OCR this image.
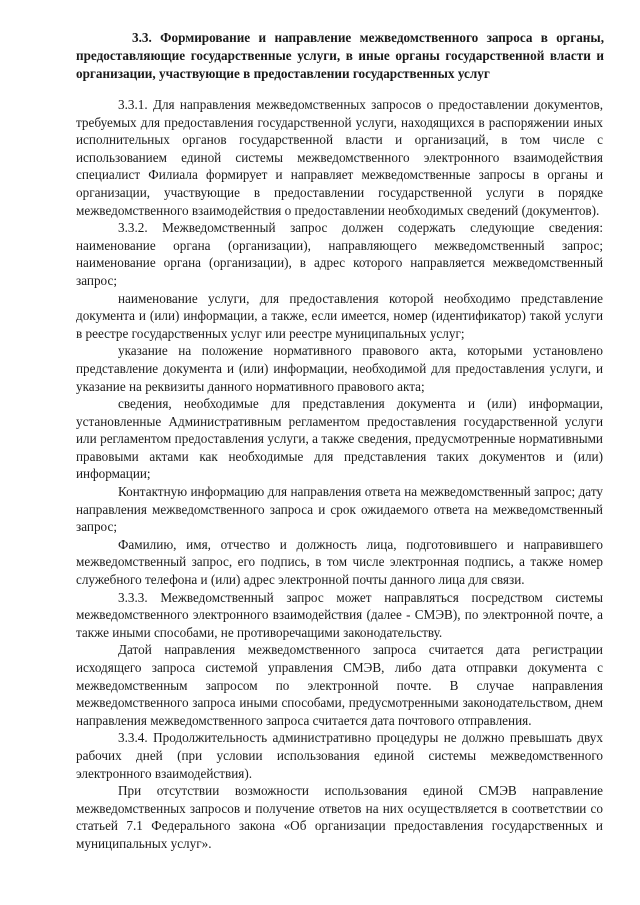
3.3. Формирование и направление межведомственного запроса в органы, предоставляющие государственные услуги, в иные органы государственной власти и организации, участвующие в предоставлении государственных услуг

3.3.1. Для направления межведомственных запросов о предоставлении документов, требуемых для предоставления государственной услуги, находящихся в распоряжении иных исполнительных органов государственной власти и организаций, в том числе с использованием единой системы межведомственного электронного взаимодействия специалист Филиала формирует и направляет межведомственные запросы в органы и организации, участвующие в предоставлении государственной услуги в порядке межведомственного взаимодействия о предоставлении необходимых сведений (документов).

3.3.2. Межведомственный запрос должен содержать следующие сведения: наименование органа (организации), направляющего межведомственный запрос; наименование органа (организации), в адрес которого направляется межведомственный запрос;

наименование услуги, для предоставления которой необходимо представление документа и (или) информации, а также, если имеется, номер (идентификатор) такой услуги в реестре государственных услуг или реестре муниципальных услуг;

указание на положение нормативного правового акта, которыми установлено представление документа и (или) информации, необходимой для предоставления услуги, и указание на реквизиты данного нормативного правового акта;

сведения, необходимые для представления документа и (или) информации, установленные Административным регламентом предоставления государственной услуги или регламентом предоставления услуги, а также сведения, предусмотренные нормативными правовыми актами как необходимые для представления таких документов и (или) информации;

Контактную информацию для направления ответа на межведомственный запрос; дату направления межведомственного запроса и срок ожидаемого ответа на межведомственный запрос;

Фамилию, имя, отчество и должность лица, подготовившего и направившего межведомственный запрос, его подпись, в том числе электронная подпись, а также номер служебного телефона и (или) адрес электронной почты данного лица для связи.

3.3.3. Межведомственный запрос может направляться посредством системы межведомственного электронного взаимодействия (далее - СМЭВ), по электронной почте, а также иными способами, не противоречащими законодательству.

Датой направления межведомственного запроса считается дата регистрации исходящего запроса системой управления СМЭВ, либо дата отправки документа с межведомственным запросом по электронной почте. В случае направления межведомственного запроса иными способами, предусмотренными законодательством, днем направления межведомственного запроса считается дата почтового отправления.

3.3.4. Продолжительность административно процедуры не должно превышать двух рабочих дней (при условии использования единой системы межведомственного электронного взаимодействия).

При отсутствии возможности использования единой СМЭВ направление межведомственных запросов и получение ответов на них осуществляется в соответствии со статьей 7.1 Федерального закона «Об организации предоставления государственных и муниципальных услуг».
